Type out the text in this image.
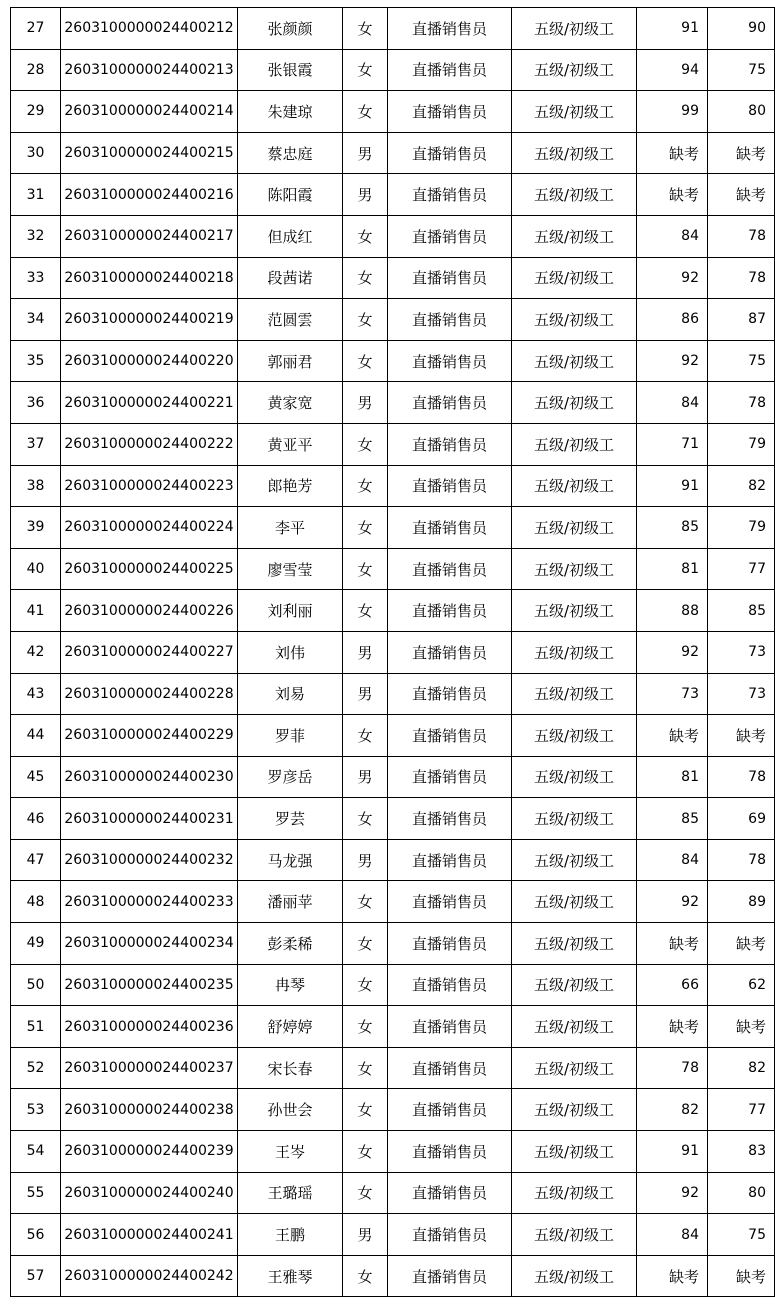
27	2603100000024400212	张颜颜	女	直播销售员	五级/初级工	91	90
28	2603100000024400213	张银霞	女	直播销售员	五级/初级工	94	75
29	2603100000024400214	朱建琼	女	直播销售员	五级/初级工	99	80
30	2603100000024400215	蔡忠庭	男	直播销售员	五级/初级工	缺考	缺考
31	2603100000024400216	陈阳霞	男	直播销售员	五级/初级工	缺考	缺考
32	2603100000024400217	但成红	女	直播销售员	五级/初级工	84	78
33	2603100000024400218	段茜诺	女	直播销售员	五级/初级工	92	78
34	2603100000024400219	范圆雲	女	直播销售员	五级/初级工	86	87
35	2603100000024400220	郭丽君	女	直播销售员	五级/初级工	92	75
36	2603100000024400221	黄家宽	男	直播销售员	五级/初级工	84	78
37	2603100000024400222	黄亚平	女	直播销售员	五级/初级工	71	79
38	2603100000024400223	郎艳芳	女	直播销售员	五级/初级工	91	82
39	2603100000024400224	李平	女	直播销售员	五级/初级工	85	79
40	2603100000024400225	廖雪莹	女	直播销售员	五级/初级工	81	77
41	2603100000024400226	刘利丽	女	直播销售员	五级/初级工	88	85
42	2603100000024400227	刘伟	男	直播销售员	五级/初级工	92	73
43	2603100000024400228	刘易	男	直播销售员	五级/初级工	73	73
44	2603100000024400229	罗菲	女	直播销售员	五级/初级工	缺考	缺考
45	2603100000024400230	罗彦岳	男	直播销售员	五级/初级工	81	78
46	2603100000024400231	罗芸	女	直播销售员	五级/初级工	85	69
47	2603100000024400232	马龙强	男	直播销售员	五级/初级工	84	78
48	2603100000024400233	潘丽苹	女	直播销售员	五级/初级工	92	89
49	2603100000024400234	彭柔稀	女	直播销售员	五级/初级工	缺考	缺考
50	2603100000024400235	冉琴	女	直播销售员	五级/初级工	66	62
51	2603100000024400236	舒婷婷	女	直播销售员	五级/初级工	缺考	缺考
52	2603100000024400237	宋长春	女	直播销售员	五级/初级工	78	82
53	2603100000024400238	孙世会	女	直播销售员	五级/初级工	82	77
54	2603100000024400239	王岑	女	直播销售员	五级/初级工	91	83
55	2603100000024400240	王璐瑶	女	直播销售员	五级/初级工	92	80
56	2603100000024400241	王鹏	男	直播销售员	五级/初级工	84	75
57	2603100000024400242	王雅琴	女	直播销售员	五级/初级工	缺考	缺考
